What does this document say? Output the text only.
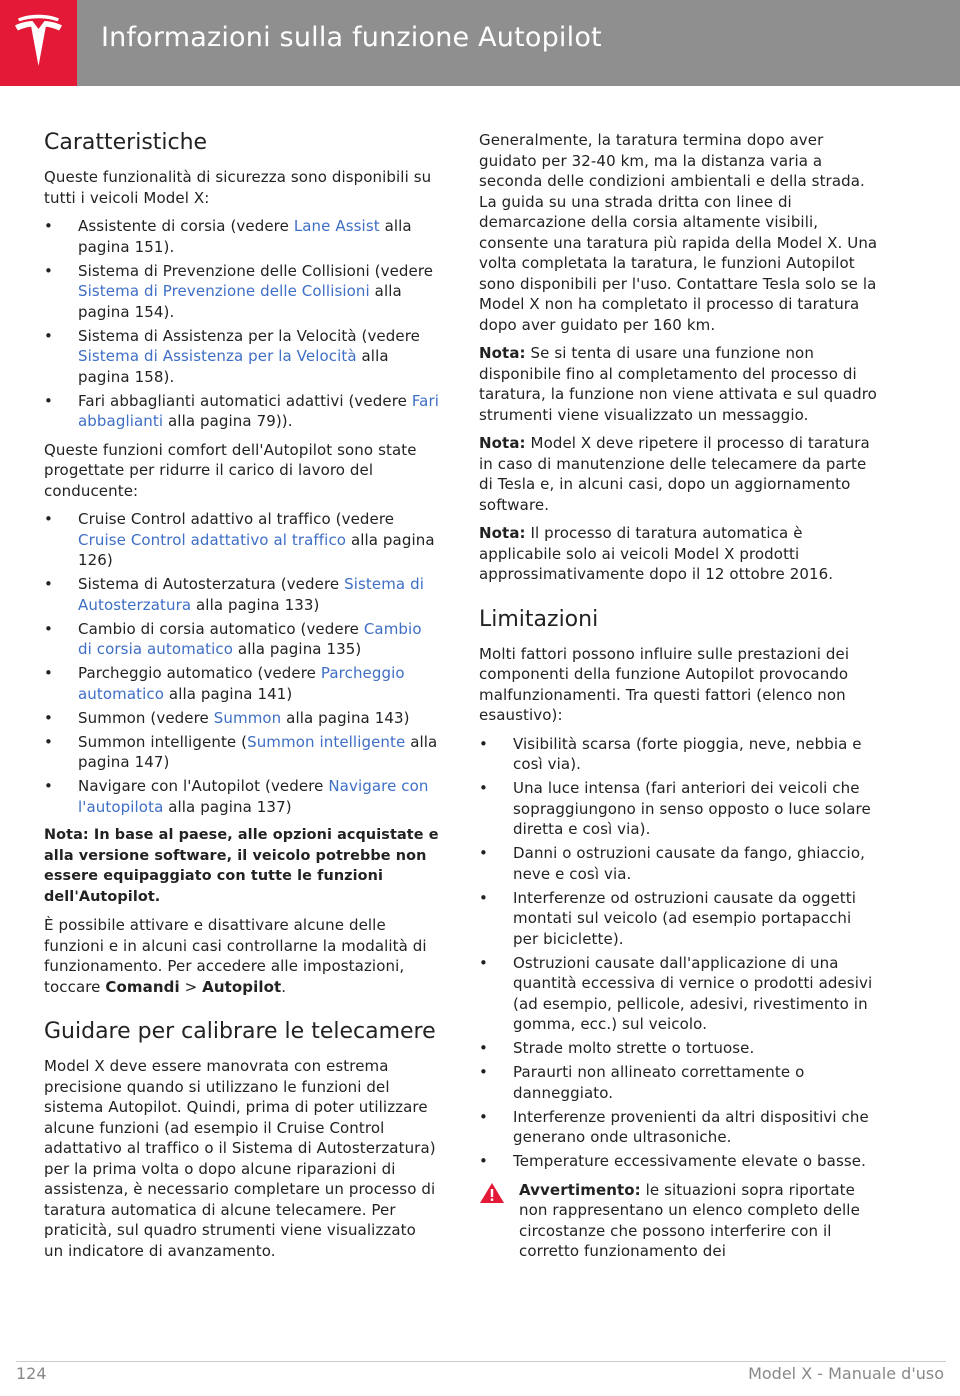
Informazioni sulla funzione Autopilot
Caratteristiche

Queste funzionalità di sicurezza sono disponibili su tutti i veicoli Model X:

• Assistente di corsia (vedere Lane Assist alla pagina 151).
• Sistema di Prevenzione delle Collisioni (vedere Sistema di Prevenzione delle Collisioni alla pagina 154).
• Sistema di Assistenza per la Velocità (vedere Sistema di Assistenza per la Velocità alla pagina 158).
• Fari abbaglianti automatici adattivi (vedere Fari abbaglianti alla pagina 79)).

Queste funzioni comfort dell'Autopilot sono state progettate per ridurre il carico di lavoro del conducente:

• Cruise Control adattivo al traffico (vedere Cruise Control adattativo al traffico alla pagina 126)
• Sistema di Autosterzatura (vedere Sistema di Autosterzatura alla pagina 133)
• Cambio di corsia automatico (vedere Cambio di corsia automatico alla pagina 135)
• Parcheggio automatico (vedere Parcheggio automatico alla pagina 141)
• Summon (vedere Summon alla pagina 143)
• Summon intelligente (Summon intelligente alla pagina 147)
• Navigare con l'Autopilot (vedere Navigare con l'autopilota alla pagina 137)

Nota: In base al paese, alle opzioni acquistate e alla versione software, il veicolo potrebbe non essere equipaggiato con tutte le funzioni dell'Autopilot.

È possibile attivare e disattivare alcune delle funzioni e in alcuni casi controllarne la modalità di funzionamento. Per accedere alle impostazioni, toccare Comandi > Autopilot.

Guidare per calibrare le telecamere

Model X deve essere manovrata con estrema precisione quando si utilizzano le funzioni del sistema Autopilot. Quindi, prima di poter utilizzare alcune funzioni (ad esempio il Cruise Control adattativo al traffico o il Sistema di Autosterzatura) per la prima volta o dopo alcune riparazioni di assistenza, è necessario completare un processo di taratura automatica di alcune telecamere. Per praticità, sul quadro strumenti viene visualizzato un indicatore di avanzamento.

Generalmente, la taratura termina dopo aver guidato per 32-40 km, ma la distanza varia a seconda delle condizioni ambientali e della strada. La guida su una strada dritta con linee di demarcazione della corsia altamente visibili, consente una taratura più rapida della Model X. Una volta completata la taratura, le funzioni Autopilot sono disponibili per l'uso. Contattare Tesla solo se la Model X non ha completato il processo di taratura dopo aver guidato per 160 km.

Nota: Se si tenta di usare una funzione non disponibile fino al completamento del processo di taratura, la funzione non viene attivata e sul quadro strumenti viene visualizzato un messaggio.

Nota: Model X deve ripetere il processo di taratura in caso di manutenzione delle telecamere da parte di Tesla e, in alcuni casi, dopo un aggiornamento software.

Nota: Il processo di taratura automatica è applicabile solo ai veicoli Model X prodotti approssimativamente dopo il 12 ottobre 2016.

Limitazioni

Molti fattori possono influire sulle prestazioni dei componenti della funzione Autopilot provocando malfunzionamenti. Tra questi fattori (elenco non esaustivo):

• Visibilità scarsa (forte pioggia, neve, nebbia e così via).
• Una luce intensa (fari anteriori dei veicoli che sopraggiungono in senso opposto o luce solare diretta e così via).
• Danni o ostruzioni causate da fango, ghiaccio, neve e così via.
• Interferenze od ostruzioni causate da oggetti montati sul veicolo (ad esempio portapacchi per biciclette).
• Ostruzioni causate dall'applicazione di una quantità eccessiva di vernice o prodotti adesivi (ad esempio, pellicole, adesivi, rivestimento in gomma, ecc.) sul veicolo.
• Strade molto strette o tortuose.
• Paraurti non allineato correttamente o danneggiato.
• Interferenze provenienti da altri dispositivi che generano onde ultrasoniche.
• Temperature eccessivamente elevate o basse.

Avvertimento: le situazioni sopra riportate non rappresentano un elenco completo delle circostanze che possono interferire con il corretto funzionamento dei

124	Model X - Manuale d'uso
